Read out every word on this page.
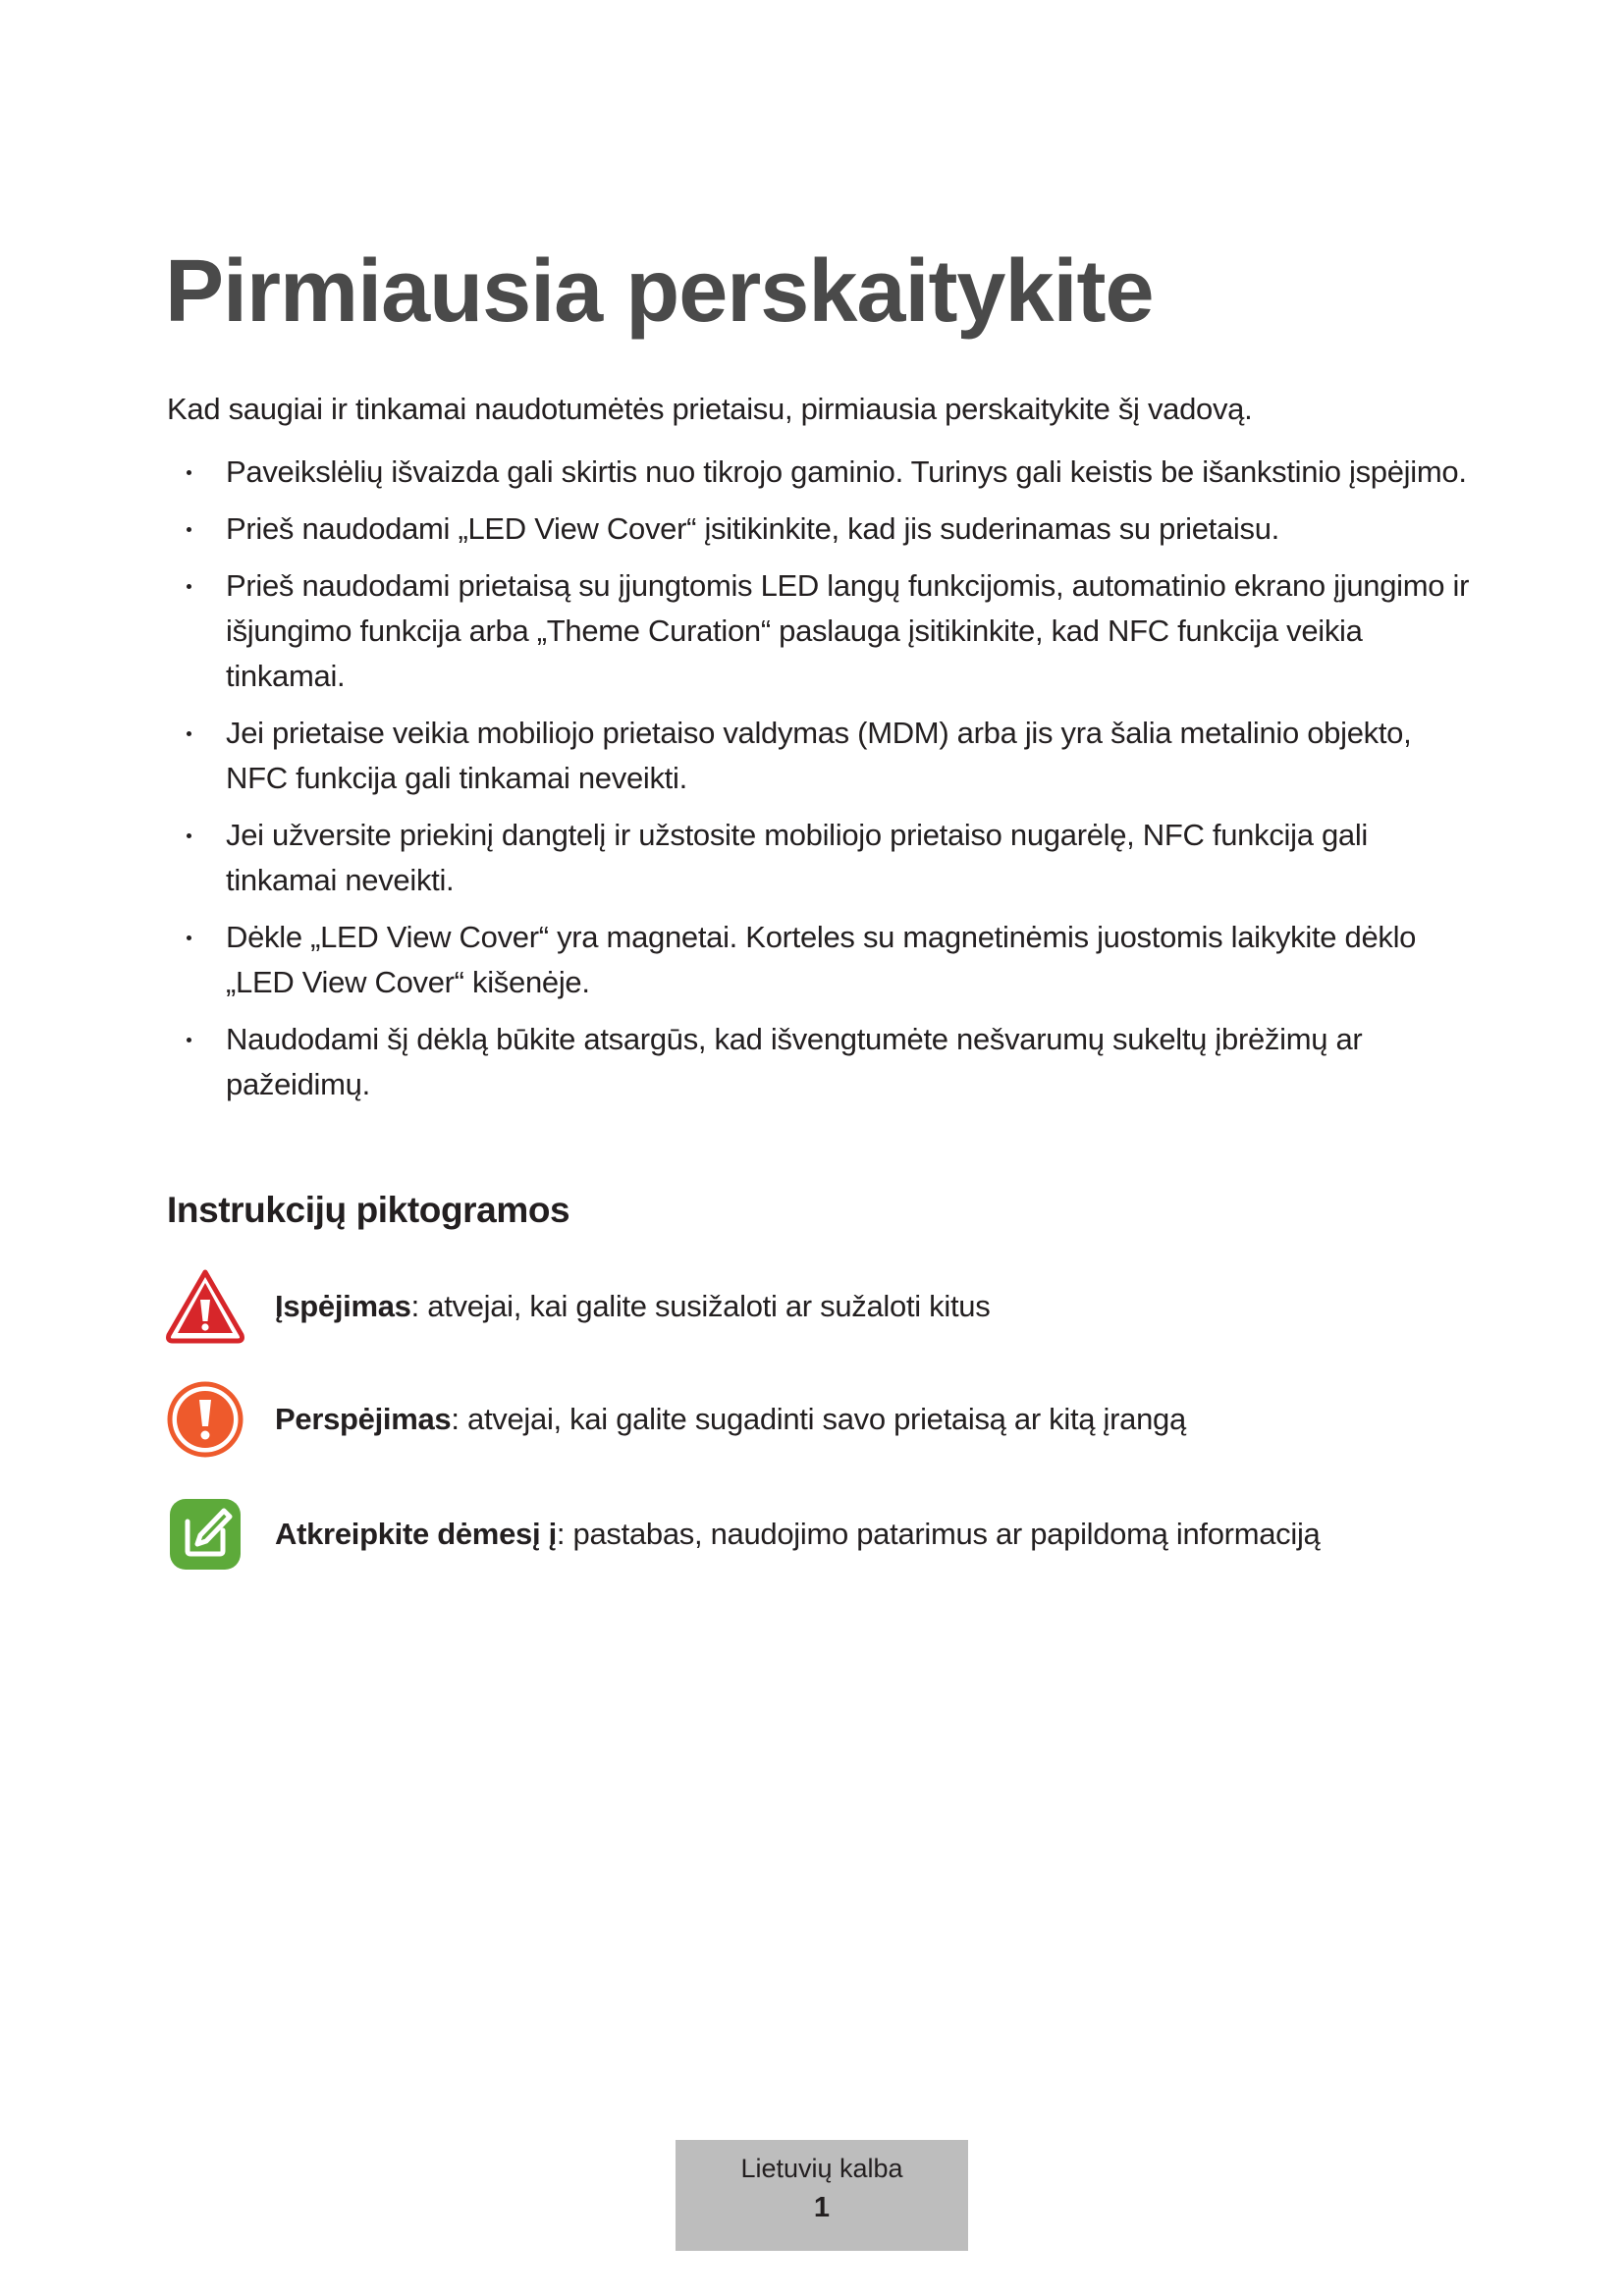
Pirmiausia perskaitykite

Kad saugiai ir tinkamai naudotumėtės prietaisu, pirmiausia perskaitykite šį vadovą.

Paveikslėlių išvaizda gali skirtis nuo tikrojo gaminio. Turinys gali keistis be išankstinio įspėjimo.
Prieš naudodami „LED View Cover“ įsitikinkite, kad jis suderinamas su prietaisu.
Prieš naudodami prietaisą su įjungtomis LED langų funkcijomis, automatinio ekrano įjungimo ir išjungimo funkcija arba „Theme Curation“ paslauga įsitikinkite, kad NFC funkcija veikia tinkamai.
Jei prietaise veikia mobiliojo prietaiso valdymas (MDM) arba jis yra šalia metalinio objekto, NFC funkcija gali tinkamai neveikti.
Jei užversite priekinį dangtelį ir užstosite mobiliojo prietaiso nugarėlę, NFC funkcija gali tinkamai neveikti.
Dėkle „LED View Cover“ yra magnetai. Korteles su magnetinėmis juostomis laikykite dėklo „LED View Cover“ kišenėje.
Naudodami šį dėklą būkite atsargūs, kad išvengtumėte nešvarumų sukeltų įbrėžimų ar pažeidimų.
Instrukcijų piktogramos
Įspėjimas: atvejai, kai galite susižaloti ar sužaloti kitus
Perspėjimas: atvejai, kai galite sugadinti savo prietaisą ar kitą įrangą
Atkreipkite dėmesį į: pastabas, naudojimo patarimus ar papildomą informaciją
Lietuvių kalba
1
